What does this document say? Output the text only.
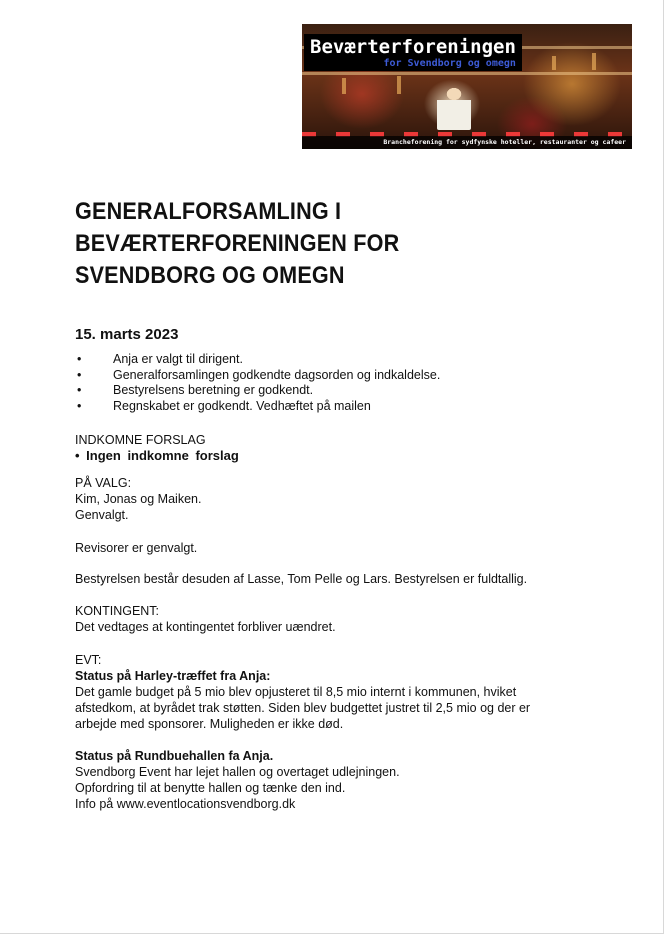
Beværterforeningen
for Svendborg og omegn
Brancheforening for sydfynske hoteller, restauranter og cafeer
GENERALFORSAMLING I
BEVÆRTERFORENINGEN FOR
SVENDBORG OG OMEGN
15. marts 2023
• Anja er valgt til dirigent.
• Generalforsamlingen godkendte dagsorden og indkaldelse.
• Bestyrelsens beretning er godkendt.
• Regnskabet er godkendt. Vedhæftet på mailen
INDKOMNE FORSLAG
• Ingen indkomne forslag
PÅ VALG:
Kim, Jonas og Maiken.
Genvalgt.
Revisorer er genvalgt.
Bestyrelsen består desuden af Lasse, Tom Pelle og Lars. Bestyrelsen er fuldtallig.
KONTINGENT:
Det vedtages at kontingentet forbliver uændret.
EVT:
Status på Harley-træffet fra Anja:
Det gamle budget på 5 mio blev opjusteret til 8,5 mio internt i kommunen, hviket
afstedkom, at byrådet trak støtten. Siden blev budgettet justret til 2,5 mio og der er
arbejde med sponsorer. Muligheden er ikke død.
Status på Rundbuehallen fa Anja.
Svendborg Event har lejet hallen og overtaget udlejningen.
Opfordring til at benytte hallen og tænke den ind.
Info på www.eventlocationsvendborg.dk
